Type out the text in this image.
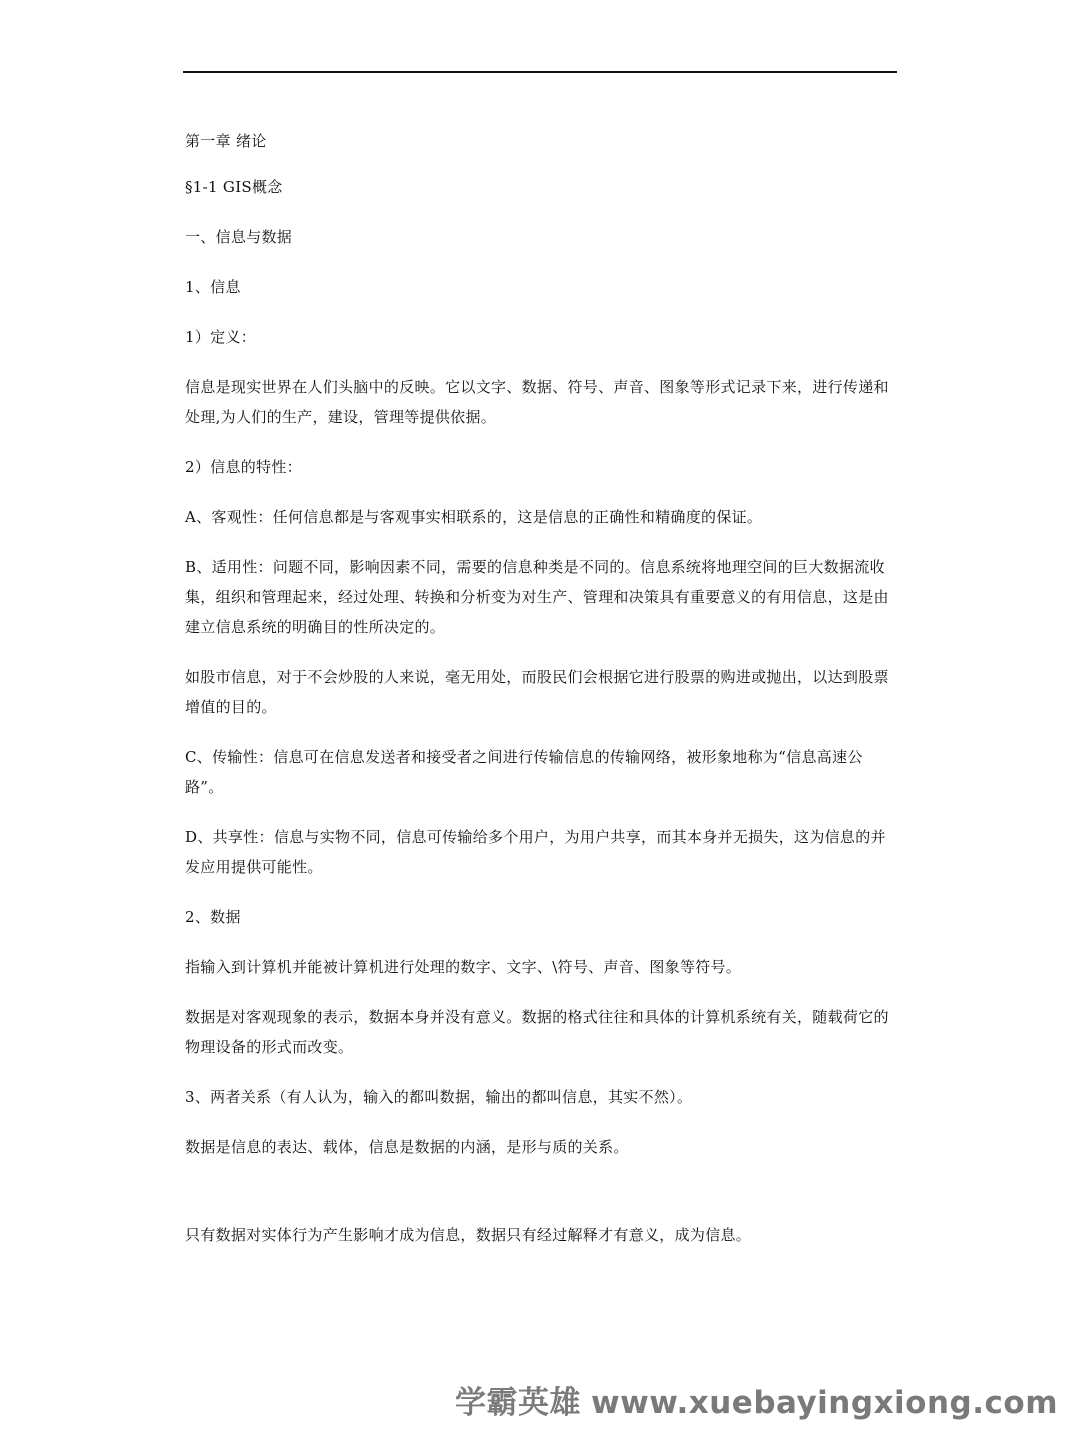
第一章 绪论

§1-1 GIS概念

一、信息与数据

1、信息

1）定义：

信息是现实世界在人们头脑中的反映。它以文字、数据、符号、声音、图象等形式记录下来，进行传递和处理,为人们的生产，建设，管理等提供依据。

2）信息的特性：

A、客观性：任何信息都是与客观事实相联系的，这是信息的正确性和精确度的保证。

B、适用性：问题不同，影响因素不同，需要的信息种类是不同的。信息系统将地理空间的巨大数据流收集，组织和管理起来，经过处理、转换和分析变为对生产、管理和决策具有重要意义的有用信息，这是由建立信息系统的明确目的性所决定的。

如股市信息，对于不会炒股的人来说，毫无用处，而股民们会根据它进行股票的购进或抛出，以达到股票增值的目的。

C、传输性：信息可在信息发送者和接受者之间进行传输信息的传输网络，被形象地称为“信息高速公路”。

D、共享性：信息与实物不同，信息可传输给多个用户，为用户共享，而其本身并无损失，这为信息的并发应用提供可能性。

2、数据

指输入到计算机并能被计算机进行处理的数字、文字、\符号、声音、图象等符号。

数据是对客观现象的表示，数据本身并没有意义。数据的格式往往和具体的计算机系统有关，随载荷它的物理设备的形式而改变。

3、两者关系（有人认为，输入的都叫数据，输出的都叫信息，其实不然）。

数据是信息的表达、载体，信息是数据的内涵，是形与质的关系。

只有数据对实体行为产生影响才成为信息，数据只有经过解释才有意义，成为信息。

学霸英雄 www.xuebayingxiong.com
